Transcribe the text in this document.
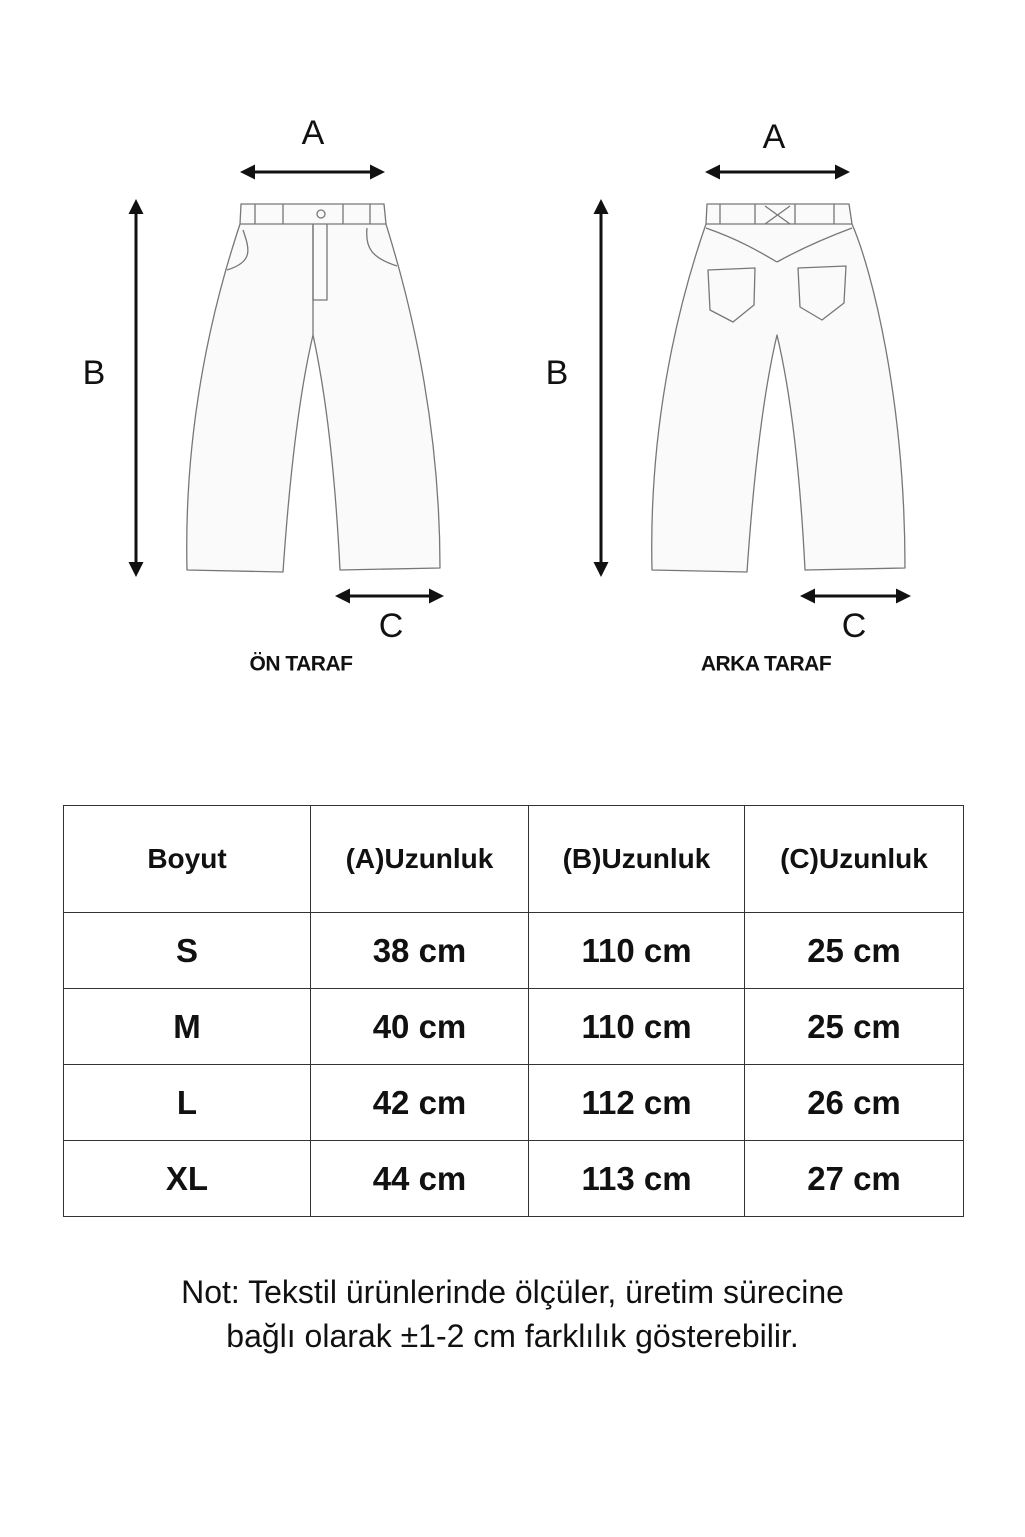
A
B
C
ÖN TARAF
A
B
C
ARKA TARAF
Boyut	(A)Uzunluk	(B)Uzunluk	(C)Uzunluk
S	38 cm	110 cm	25 cm
M	40 cm	110 cm	25 cm
L	42 cm	112 cm	26 cm
XL	44 cm	113 cm	27 cm
Not: Tekstil ürünlerinde ölçüler, üretim sürecine
bağlı olarak ±1-2 cm farklılık gösterebilir.
